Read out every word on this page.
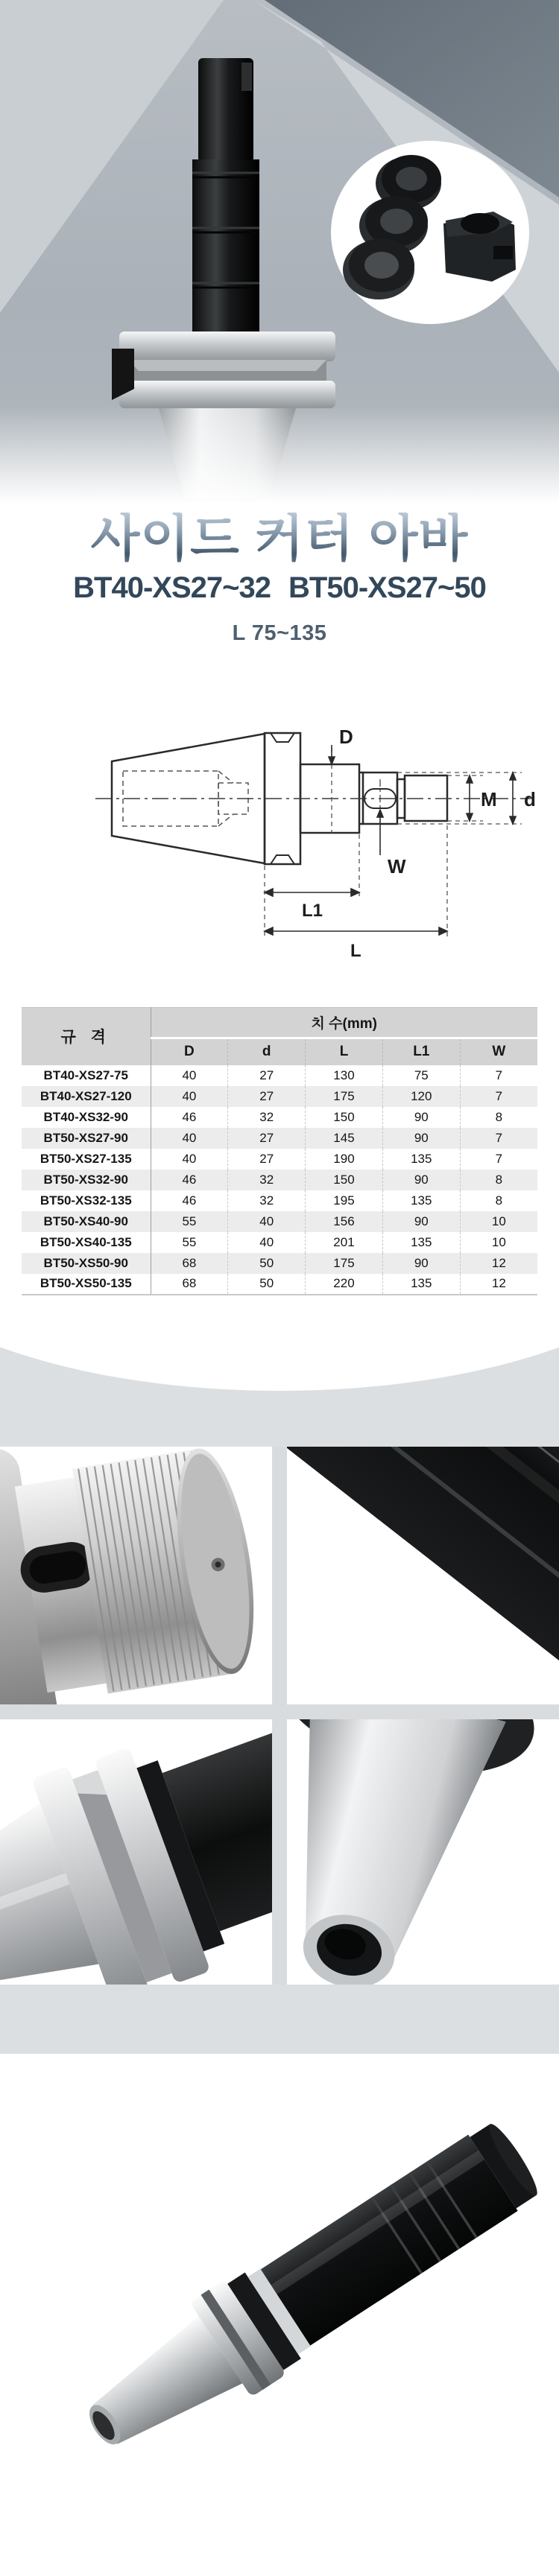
사이드 커터 아바
BT40-XS27~32 BT50-XS27~50
L 75~135
D
M d
W
L1
L
규 격	치 수(mm)				
	D	d	L	L1	W
BT40-XS27-75	40	27	130	75	7
BT40-XS27-120	40	27	175	120	7
BT40-XS32-90	46	32	150	90	8
BT50-XS27-90	40	27	145	90	7
BT50-XS27-135	40	27	190	135	7
BT50-XS32-90	46	32	150	90	8
BT50-XS32-135	46	32	195	135	8
BT50-XS40-90	55	40	156	90	10
BT50-XS40-135	55	40	201	135	10
BT50-XS50-90	68	50	175	90	12
BT50-XS50-135	68	50	220	135	12
